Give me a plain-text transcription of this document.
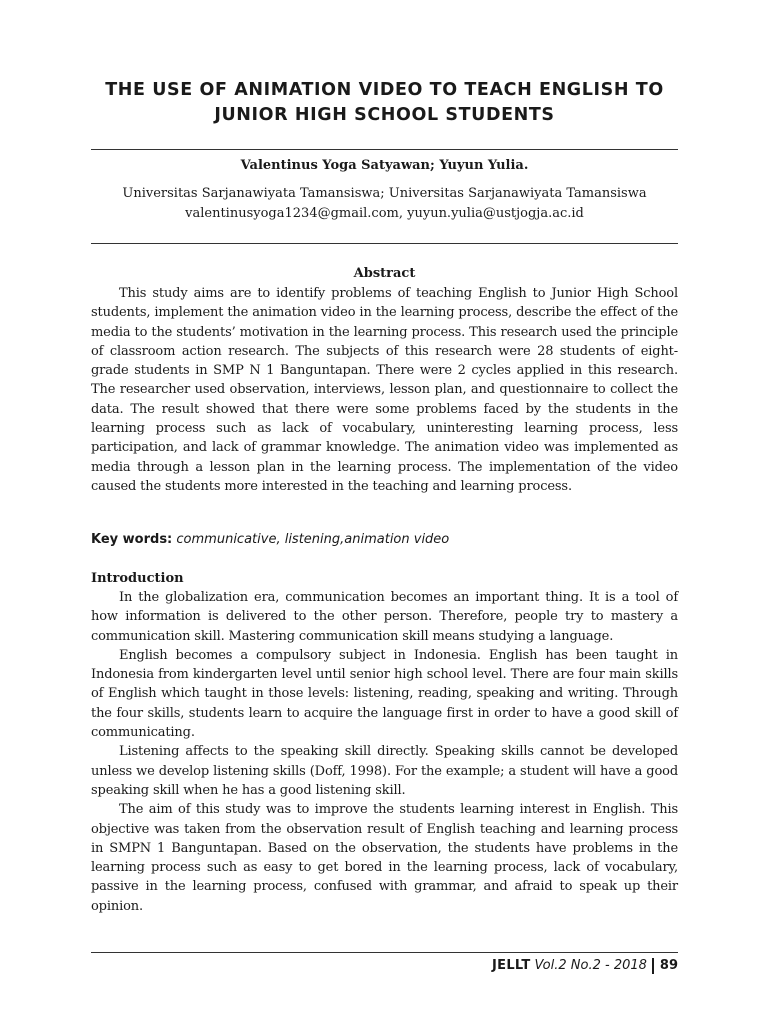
THE USE OF ANIMATION VIDEO TO TEACH ENGLISH TO
JUNIOR HIGH SCHOOL STUDENTS
Valentinus Yoga Satyawan; Yuyun Yulia.
Universitas Sarjanawiyata Tamansiswa; Universitas Sarjanawiyata Tamansiswa
valentinusyoga1234@gmail.com, yuyun.yulia@ustjogja.ac.id
Abstract

This study aims are to identify problems of teaching English to Junior High School students, implement the animation video in the learning process, describe the effect of the media to the students’ motivation in the learning process. This research used the principle of classroom action research. The subjects of this research were 28 students of eight-grade students in SMP N 1 Banguntapan. There were 2 cycles applied in this research. The researcher used observation, interviews, lesson plan, and questionnaire to collect the data. The result showed that there were some problems faced by the students in the learning process such as lack of vocabulary, uninteresting learning process, less participation, and lack of grammar knowledge. The animation video was implemented as media through a lesson plan in the learning process. The implementation of the video caused the students more interested in the teaching and learning process.

Key words: communicative, listening,animation video
Introduction

In the globalization era, communication becomes an important thing. It is a tool of how information is delivered to the other person. Therefore, people try to mastery a communication skill. Mastering communication skill means studying a language.

English becomes a compulsory subject in Indonesia. English has been taught in Indonesia from kindergarten level until senior high school level. There are four main skills of English which taught in those levels: listening, reading, speaking and writing. Through the four skills, students learn to acquire the language first in order to have a good skill of communicating.

Listening affects to the speaking skill directly. Speaking skills cannot be developed unless we develop listening skills (Doff, 1998). For the example; a student will have a good speaking skill when he has a good listening skill.

The aim of this study was to improve the students learning interest in English. This objective was taken from the observation result of English teaching and learning process in SMPN 1 Banguntapan. Based on the observation, the students have problems in the learning process such as easy to get bored in the learning process, lack of vocabulary, passive in the learning process, confused with grammar, and afraid to speak up their opinion.

JELLT Vol.2 No.2 - 2018 89
